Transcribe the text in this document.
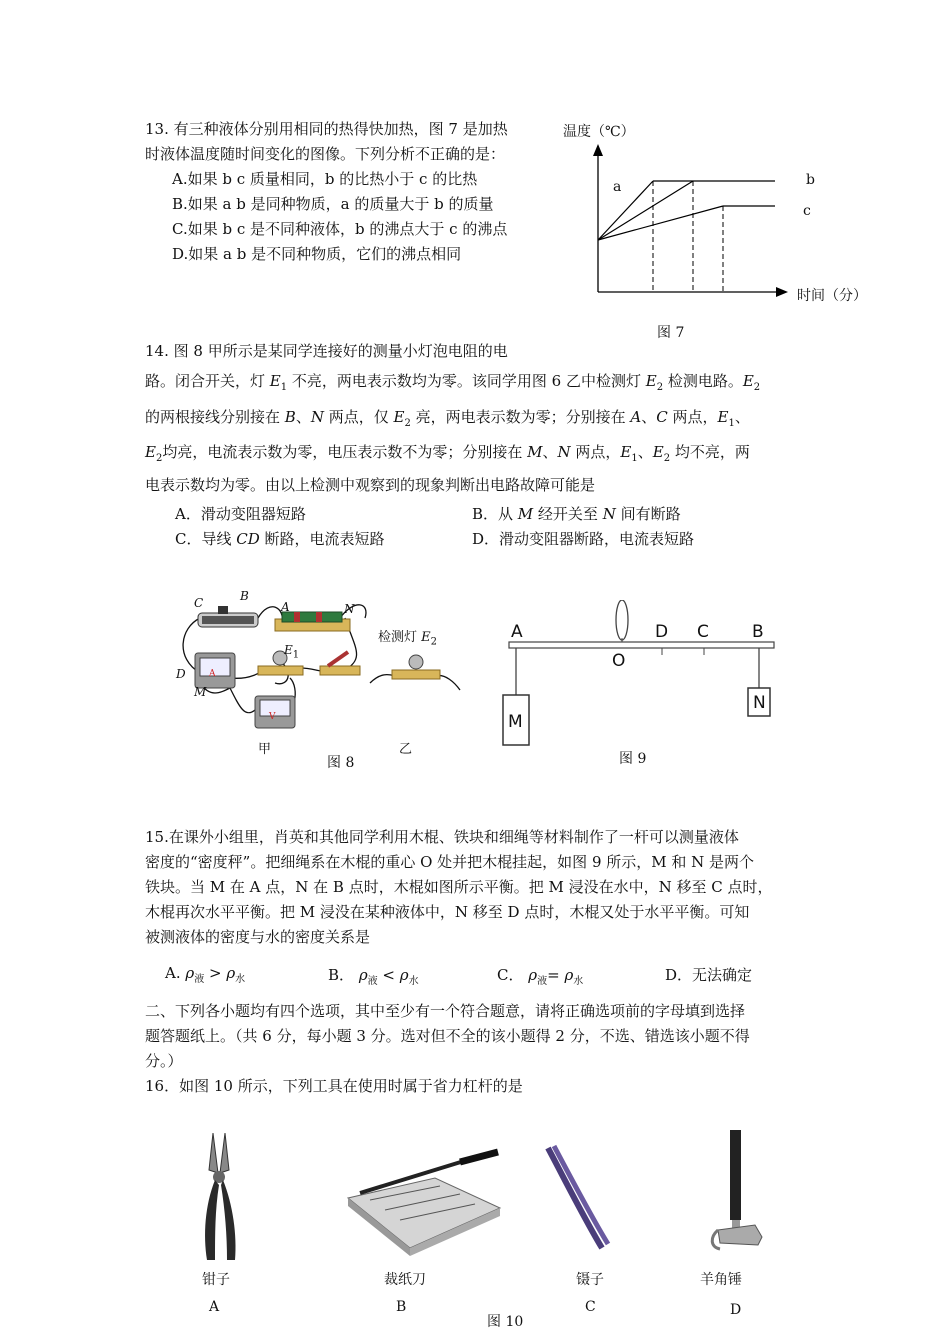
13. 有三种液体分别用相同的热得快加热，图 7 是加热
时液体温度随时间变化的图像。下列分析不正确的是：
A.如果 b c 质量相同，b 的比热小于 c 的比热
B.如果 a b 是同种物质，a 的质量大于 b 的质量
C.如果 b c 是不同种液体，b 的沸点大于 c 的沸点
D.如果 a b 是不同种物质，它们的沸点相同
温度（℃）
a	b
c
时间（分）
图 7
14. 图 8 甲所示是某同学连接好的测量小灯泡电阻的电
路。闭合开关，灯 $E_1$ 不亮，两电表示数均为零。该同学用图 6 乙中检测灯 $E_2$ 检测电路。$E_2$
的两根接线分别接在 B、N 两点，仅 $E_2$ 亮，两电表示数为零；分别接在 A、C 两点，$E_1$、
$E_2$均亮，电流表示数为零，电压表示数不为零；分别接在 M、N 两点，$E_1$、$E_2$ 均不亮，两
电表示数均为零。由以上检测中观察到的现象判断出电路故障可能是
A．滑动变阻器短路	B．从 M 经开关至 N 间有断路
C．导线 CD 断路，电流表短路	D．滑动变阻器断路，电流表短路
C	B
A	N
D
M
A
V
$E_1$
检测灯 $E_2$
甲	乙
图 8
A
O
D C	B
M
N
图 9
15.在课外小组里，肖英和其他同学利用木棍、铁块和细绳等材料制作了一杆可以测量液体
密度的“密度秤”。把细绳系在木棍的重心 O 处并把木棍挂起，如图 9 所示，M 和 N 是两个
铁块。当 M 在 A 点，N 在 B 点时，木棍如图所示平衡。把 M 浸没在水中，N 移至 C 点时，
木棍再次水平平衡。把 M 浸没在某种液体中，N 移至 D 点时，木棍又处于水平平衡。可知
被测液体的密度与水的密度关系是
A. $\rho_液 > \rho_水$	B． $\rho_液 < \rho_水$	C． $\rho_液= \rho_水$	D．无法确定
二、下列各小题均有四个选项，其中至少有一个符合题意，请将正确选项前的字母填到选择
题答题纸上。（共 6 分，每小题 3 分。选对但不全的该小题得 2 分，不选、错选该小题不得
分。）
16．如图 10 所示，下列工具在使用时属于省力杠杆的是
钳子	裁纸刀	镊子	羊角锤
A	B	C	D
图 10
